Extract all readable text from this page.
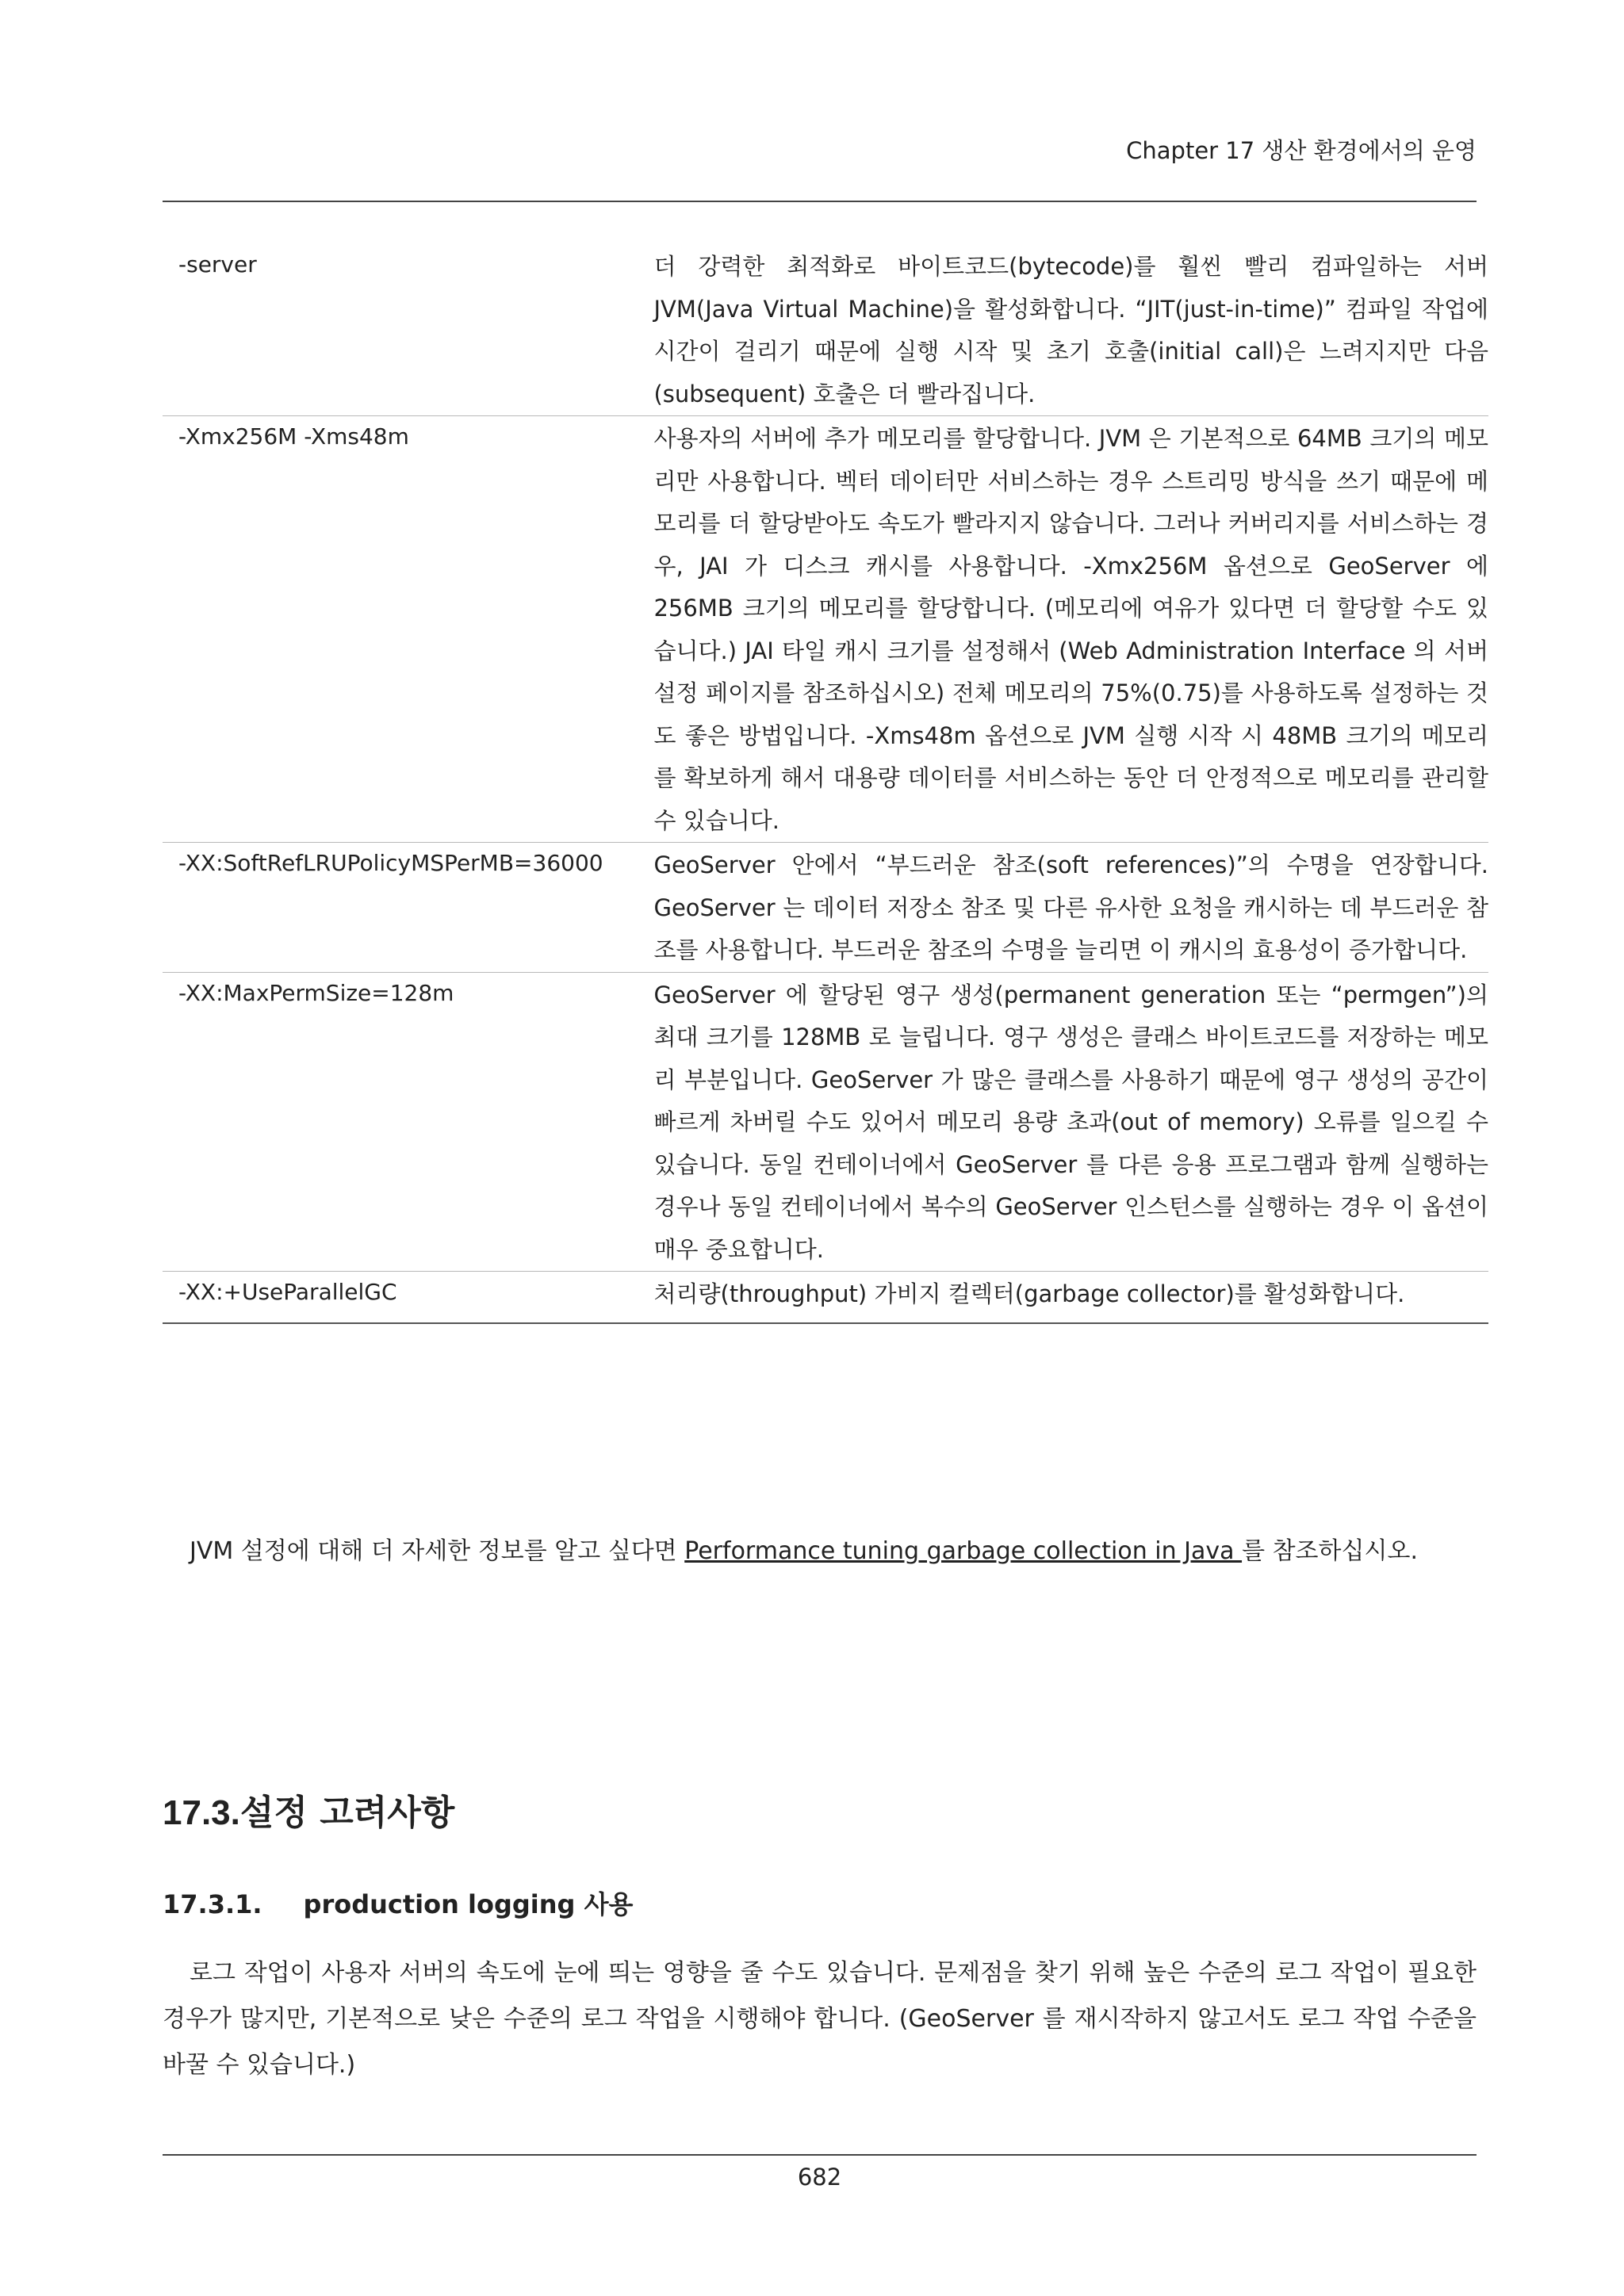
Chapter 17 생산 환경에서의 운영
-server	더 강력한 최적화로 바이트코드(bytecode)를 훨씬 빨리 컴파일하는 서버 JVM(Java Virtual Machine)을 활성화합니다. “JIT(just-in-time)” 컴파일 작업에 시간이 걸리기 때문에 실행 시작 및 초기 호출(initial call)은 느려지지만 다음(subsequent) 호출은 더 빨라집니다.
-Xmx256M -Xms48m	사용자의 서버에 추가 메모리를 할당합니다. JVM 은 기본적으로 64MB 크기의 메모리만 사용합니다. 벡터 데이터만 서비스하는 경우 스트리밍 방식을 쓰기 때문에 메모리를 더 할당받아도 속도가 빨라지지 않습니다. 그러나 커버리지를 서비스하는 경우, JAI 가 디스크 캐시를 사용합니다. -Xmx256M 옵션으로 GeoServer 에 256MB 크기의 메모리를 할당합니다. (메모리에 여유가 있다면 더 할당할 수도 있습니다.) JAI 타일 캐시 크기를 설정해서 (Web Administration Interface 의 서버 설정 페이지를 참조하십시오) 전체 메모리의 75%(0.75)를 사용하도록 설정하는 것도 좋은 방법입니다. -Xms48m 옵션으로 JVM 실행 시작 시 48MB 크기의 메모리를 확보하게 해서 대용량 데이터를 서비스하는 동안 더 안정적으로 메모리를 관리할 수 있습니다.
-XX:SoftRefLRUPolicyMSPerMB=36000	GeoServer 안에서 “부드러운 참조(soft references)”의 수명을 연장합니다. GeoServer 는 데이터 저장소 참조 및 다른 유사한 요청을 캐시하는 데 부드러운 참조를 사용합니다. 부드러운 참조의 수명을 늘리면 이 캐시의 효용성이 증가합니다.
-XX:MaxPermSize=128m	GeoServer 에 할당된 영구 생성(permanent generation 또는 “permgen”)의 최대 크기를 128MB 로 늘립니다. 영구 생성은 클래스 바이트코드를 저장하는 메모리 부분입니다. GeoServer 가 많은 클래스를 사용하기 때문에 영구 생성의 공간이 빠르게 차버릴 수도 있어서 메모리 용량 초과(out of memory) 오류를 일으킬 수 있습니다. 동일 컨테이너에서 GeoServer 를 다른 응용 프로그램과 함께 실행하는 경우나 동일 컨테이너에서 복수의 GeoServer 인스턴스를 실행하는 경우 이 옵션이 매우 중요합니다.
-XX:+UseParallelGC	처리량(throughput) 가비지 컬렉터(garbage collector)를 활성화합니다.

JVM 설정에 대해 더 자세한 정보를 알고 싶다면 Performance tuning garbage collection in Java 를 참조하십시오.

17.3.설정 고려사항
17.3.1. production logging 사용

로그 작업이 사용자 서버의 속도에 눈에 띄는 영향을 줄 수도 있습니다. 문제점을 찾기 위해 높은 수준의 로그 작업이 필요한 경우가 많지만, 기본적으로 낮은 수준의 로그 작업을 시행해야 합니다. (GeoServer 를 재시작하지 않고서도 로그 작업 수준을 바꿀 수 있습니다.)

682
